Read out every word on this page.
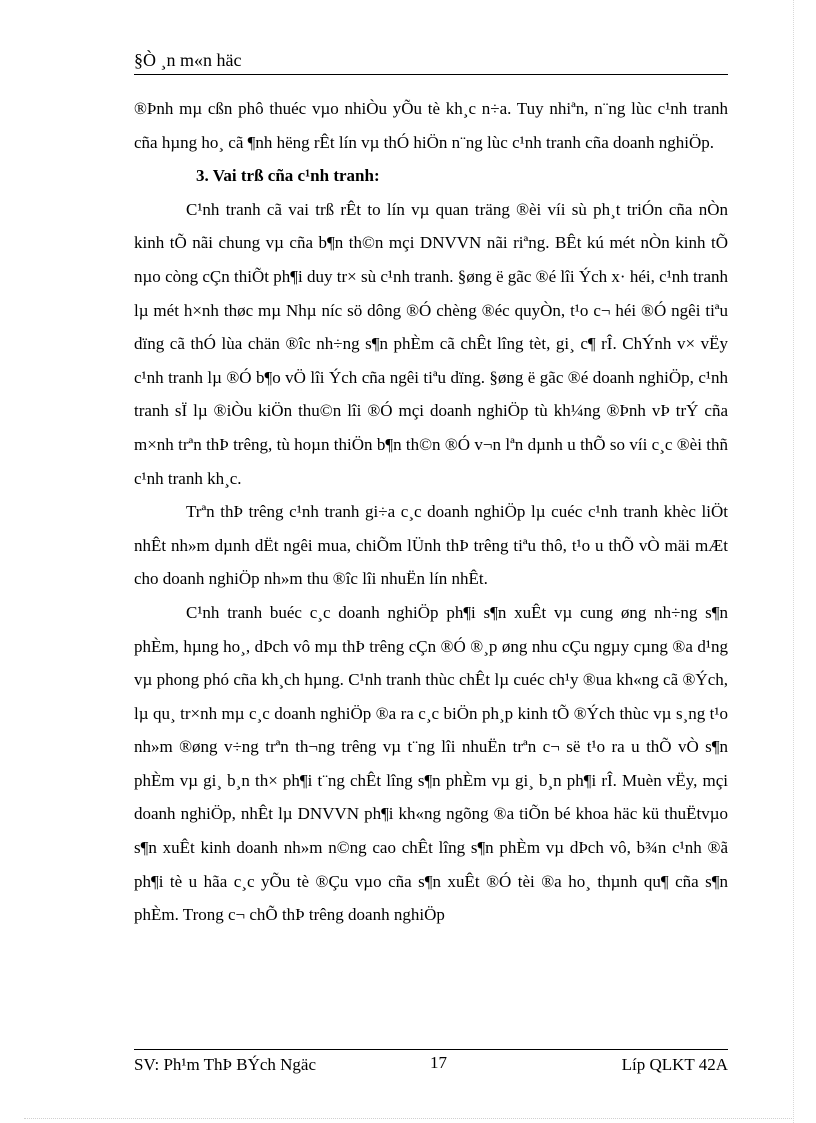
§Ò ¸n m«n häc

®Þnh mµ cßn phô thuéc vµo nhiÒu yÕu tè kh¸c n÷a. Tuy nhiªn, n¨ng lùc c¹nh tranh cña hµng ho¸ cã ¶nh hëng rÊt lín vµ thÓ hiÖn n¨ng lùc c¹nh tranh cña doanh nghiÖp.

3. Vai trß cña c¹nh tranh:

C¹nh tranh cã vai trß rÊt to lín vµ quan träng ®èi víi sù ph¸t triÓn cña nÒn kinh tÕ nãi chung vµ cña b¶n th©n mçi DNVVN nãi riªng. BÊt kú mét nÒn kinh tÕ nµo còng cÇn thiÕt ph¶i duy tr× sù c¹nh tranh. §øng ë gãc ®é lîi Ých x· héi, c¹nh tranh lµ mét h×nh thøc mµ Nhµ níc sö dông ®Ó chèng ®éc quyÒn, t¹o c¬ héi ®Ó ngêi tiªu dïng cã thÓ lùa chän ®îc nh÷ng s¶n phÈm cã chÊt lîng tèt, gi¸ c¶ rÎ. ChÝnh v× vËy c¹nh tranh lµ ®Ó b¶o vÖ lîi Ých cña ngêi tiªu dïng. §øng ë gãc ®é doanh nghiÖp, c¹nh tranh sÏ lµ ®iÒu kiÖn thu©n lîi ®Ó mçi doanh nghiÖp tù kh¼ng ®Þnh vÞ trÝ cña m×nh trªn thÞ trêng, tù hoµn thiÖn b¶n th©n ®Ó v¬n lªn dµnh u thÕ so víi c¸c ®èi thñ c¹nh tranh kh¸c.

Trªn thÞ trêng c¹nh tranh gi÷a c¸c doanh nghiÖp lµ cuéc c¹nh tranh khèc liÖt nhÊt nh»m dµnh dËt ngêi mua, chiÕm lÜnh thÞ trêng tiªu thô, t¹o u thÕ vÒ mäi mÆt cho doanh nghiÖp nh»m thu ®îc lîi nhuËn lín nhÊt.

C¹nh tranh buéc c¸c doanh nghiÖp ph¶i s¶n xuÊt vµ cung øng nh÷ng s¶n phÈm, hµng ho¸, dÞch vô mµ thÞ trêng cÇn ®Ó ®¸p øng nhu cÇu ngµy cµng ®a d¹ng vµ phong phó cña kh¸ch hµng. C¹nh tranh thùc chÊt lµ cuéc ch¹y ®ua kh«ng cã ®Ých, lµ qu¸ tr×nh mµ c¸c doanh nghiÖp ®a ra c¸c biÖn ph¸p kinh tÕ ®Ých thùc vµ s¸ng t¹o nh»m ®øng v÷ng trªn th¬ng trêng vµ t¨ng lîi nhuËn trªn c¬ së t¹o ra u thÕ vÒ s¶n phÈm vµ gi¸ b¸n th× ph¶i t¨ng chÊt lîng s¶n phÈm vµ gi¸ b¸n ph¶i rÎ. Muèn vËy, mçi doanh nghiÖp, nhÊt lµ DNVVN ph¶i kh«ng ngõng ®a tiÕn bé khoa häc kü thuËtvµo s¶n xuÊt kinh doanh nh»m n©ng cao chÊt lîng s¶n phÈm vµ dÞch vô, b¾n c¹nh ®ã ph¶i tè u hãa c¸c yÕu tè ®Çu vµo cña s¶n xuÊt ®Ó tèi ®a ho¸ thµnh qu¶ cña s¶n phÈm. Trong c¬ chÕ thÞ trêng doanh nghiÖp

SV: Ph¹m ThÞ BÝch Ngäc	17	Líp QLKT 42A
